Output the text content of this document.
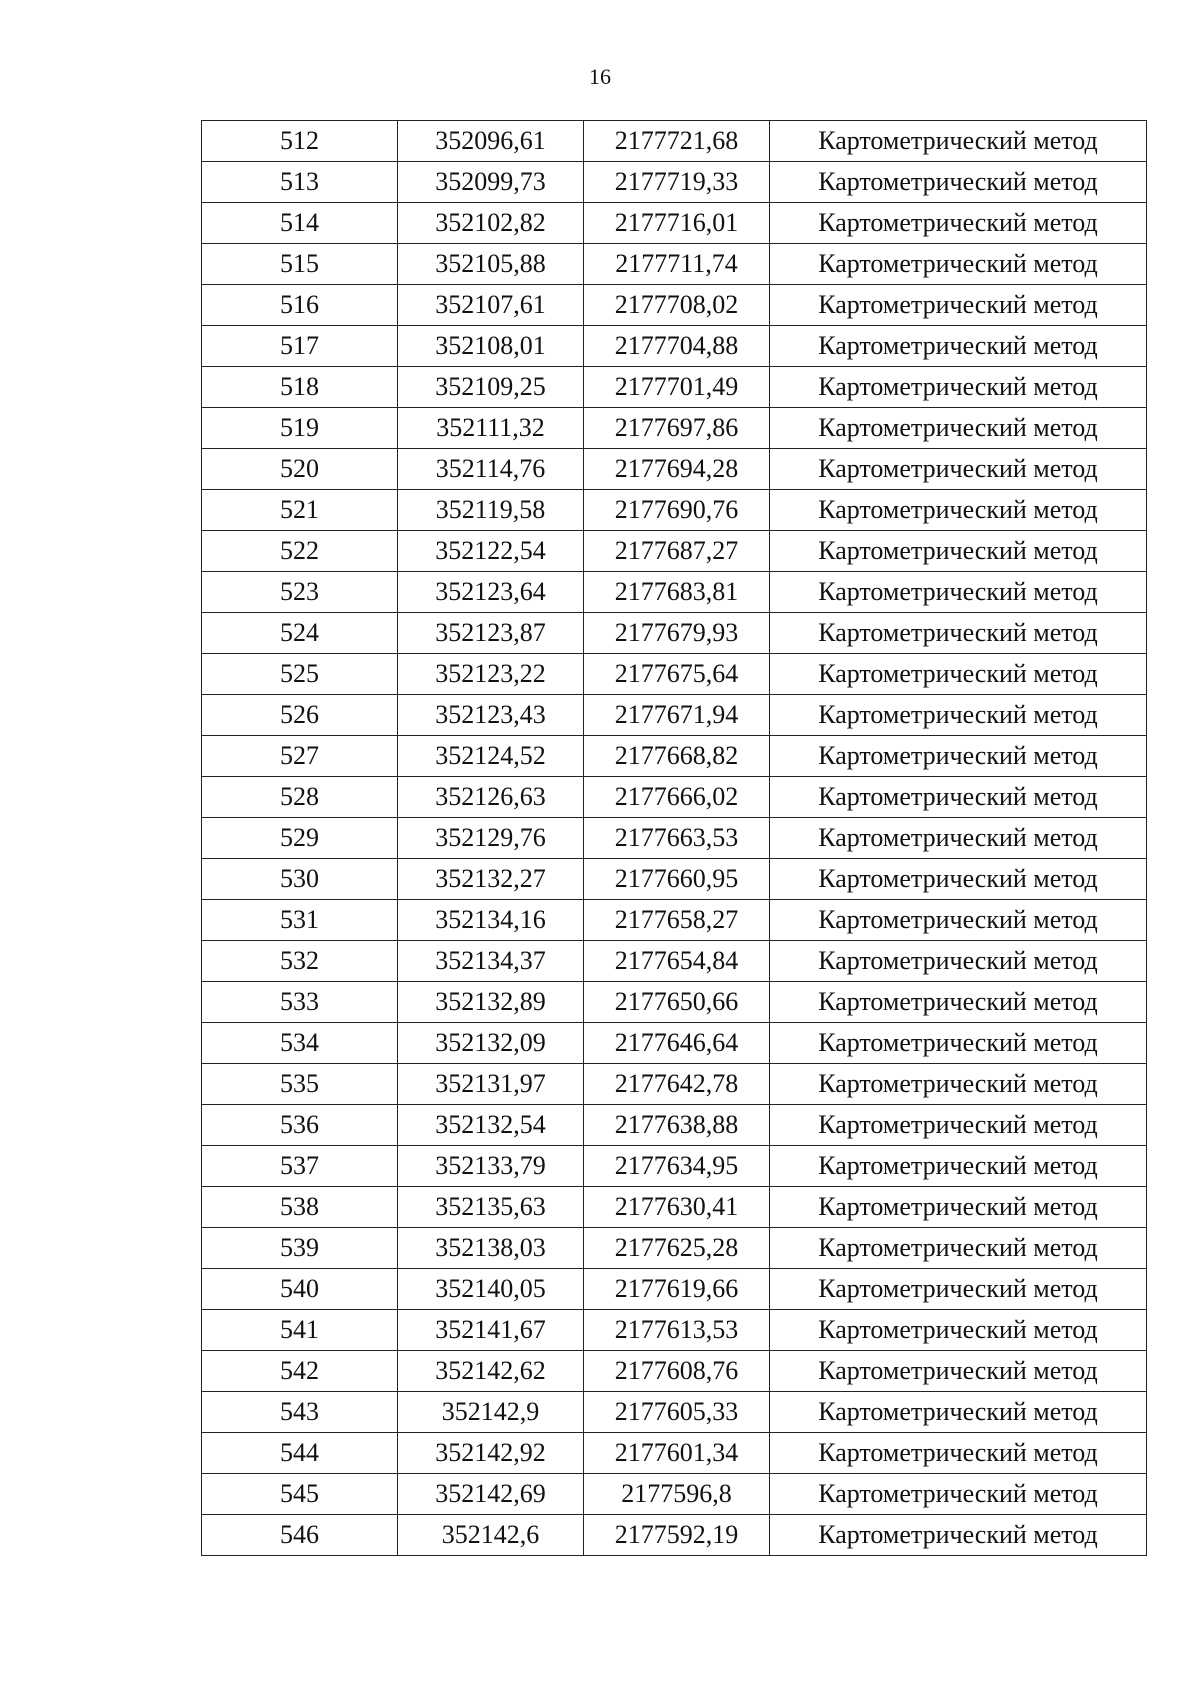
16
512	352096,61	2177721,68	Картометрический метод
513	352099,73	2177719,33	Картометрический метод
514	352102,82	2177716,01	Картометрический метод
515	352105,88	2177711,74	Картометрический метод
516	352107,61	2177708,02	Картометрический метод
517	352108,01	2177704,88	Картометрический метод
518	352109,25	2177701,49	Картометрический метод
519	352111,32	2177697,86	Картометрический метод
520	352114,76	2177694,28	Картометрический метод
521	352119,58	2177690,76	Картометрический метод
522	352122,54	2177687,27	Картометрический метод
523	352123,64	2177683,81	Картометрический метод
524	352123,87	2177679,93	Картометрический метод
525	352123,22	2177675,64	Картометрический метод
526	352123,43	2177671,94	Картометрический метод
527	352124,52	2177668,82	Картометрический метод
528	352126,63	2177666,02	Картометрический метод
529	352129,76	2177663,53	Картометрический метод
530	352132,27	2177660,95	Картометрический метод
531	352134,16	2177658,27	Картометрический метод
532	352134,37	2177654,84	Картометрический метод
533	352132,89	2177650,66	Картометрический метод
534	352132,09	2177646,64	Картометрический метод
535	352131,97	2177642,78	Картометрический метод
536	352132,54	2177638,88	Картометрический метод
537	352133,79	2177634,95	Картометрический метод
538	352135,63	2177630,41	Картометрический метод
539	352138,03	2177625,28	Картометрический метод
540	352140,05	2177619,66	Картометрический метод
541	352141,67	2177613,53	Картометрический метод
542	352142,62	2177608,76	Картометрический метод
543	352142,9	2177605,33	Картометрический метод
544	352142,92	2177601,34	Картометрический метод
545	352142,69	2177596,8	Картометрический метод
546	352142,6	2177592,19	Картометрический метод
